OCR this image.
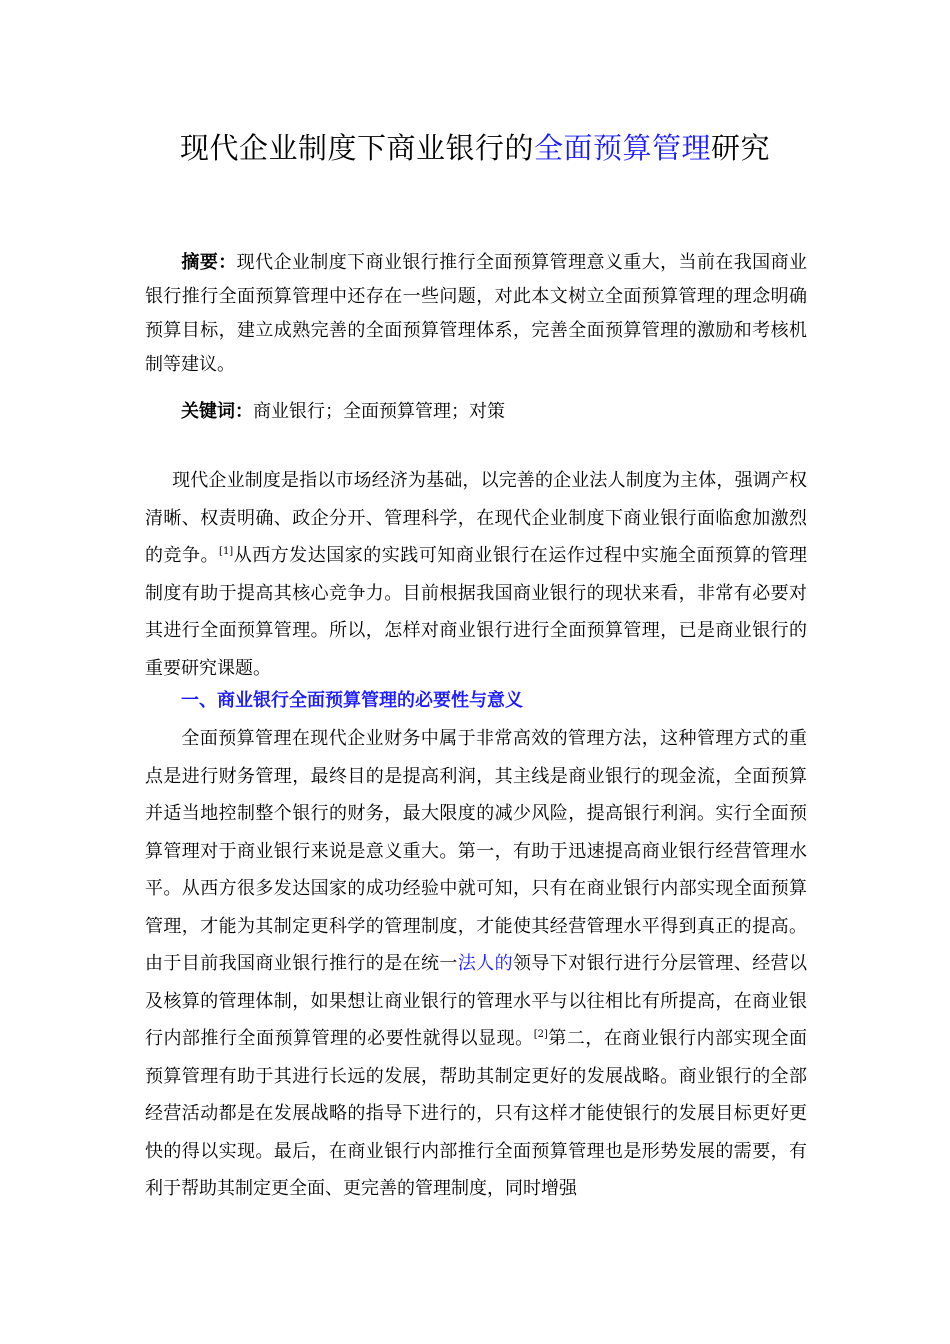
现代企业制度下商业银行的全面预算管理研究
  摘要：现代企业制度下商业银行推行全面预算管理意义重大，当前在我国商业银行推行全面预算管理中还存在一些问题，对此本文树立全面预算管理的理念明确预算目标，建立成熟完善的全面预算管理体系，完善全面预算管理的激励和考核机制等建议。
关键词：商业银行；全面预算管理；对策
  现代企业制度是指以市场经济为基础，以完善的企业法人制度为主体，强调产权清晰、权责明确、政企分开、管理科学，在现代企业制度下商业银行面临愈加激烈的竞争。[1]从西方发达国家的实践可知商业银行在运作过程中实施全面预算的管理制度有助于提高其核心竞争力。目前根据我国商业银行的现状来看，非常有必要对其进行全面预算管理。所以，怎样对商业银行进行全面预算管理，已是商业银行的重要研究课题。
一、商业银行全面预算管理的必要性与意义
  全面预算管理在现代企业财务中属于非常高效的管理方法，这种管理方式的重点是进行财务管理，最终目的是提高利润，其主线是商业银行的现金流，全面预算并适当地控制整个银行的财务，最大限度的减少风险，提高银行利润。实行全面预算管理对于商业银行来说是意义重大。第一，有助于迅速提高商业银行经营管理水平。从西方很多发达国家的成功经验中就可知，只有在商业银行内部实现全面预算管理，才能为其制定更科学的管理制度，才能使其经营管理水平得到真正的提高。由于目前我国商业银行推行的是在统一法人的领导下对银行进行分层管理、经营以及核算的管理体制，如果想让商业银行的管理水平与以往相比有所提高，在商业银行内部推行全面预算管理的必要性就得以显现。[2]第二，在商业银行内部实现全面预算管理有助于其进行长远的发展，帮助其制定更好的发展战略。商业银行的全部经营活动都是在发展战略的指导下进行的，只有这样才能使银行的发展目标更好更快的得以实现。最后，在商业银行内部推行全面预算管理也是形势发展的需要，有利于帮助其制定更全面、更完善的管理制度，同时增强
